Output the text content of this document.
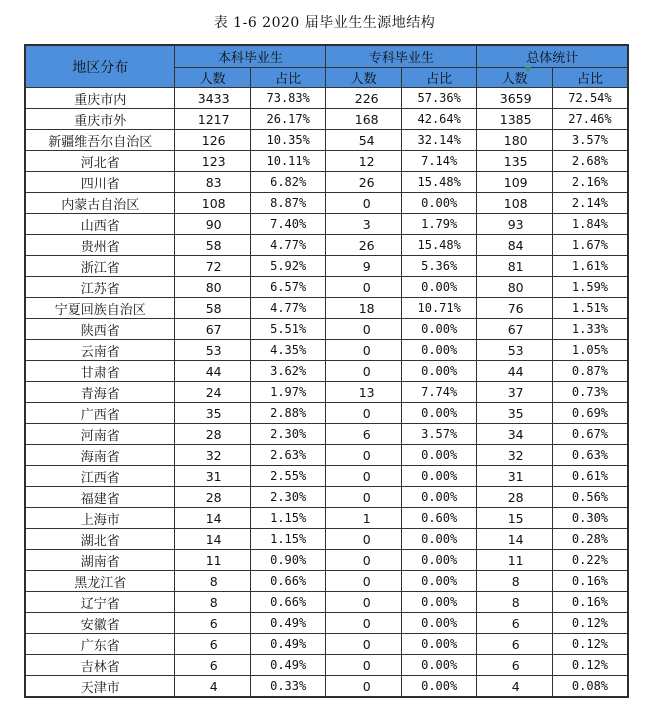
表 1-6 2020 届毕业生生源地结构
地区分布	本科毕业生		专科毕业生		总体统计	
	人数	占比	人数	占比	人数	占比
重庆市内	3433	73.83%	226	57.36%	3659	72.54%
重庆市外	1217	26.17%	168	42.64%	1385	27.46%
新疆维吾尔自治区	126	10.35%	54	32.14%	180	3.57%
河北省	123	10.11%	12	7.14%	135	2.68%
四川省	83	6.82%	26	15.48%	109	2.16%
内蒙古自治区	108	8.87%	0	0.00%	108	2.14%
山西省	90	7.40%	3	1.79%	93	1.84%
贵州省	58	4.77%	26	15.48%	84	1.67%
浙江省	72	5.92%	9	5.36%	81	1.61%
江苏省	80	6.57%	0	0.00%	80	1.59%
宁夏回族自治区	58	4.77%	18	10.71%	76	1.51%
陕西省	67	5.51%	0	0.00%	67	1.33%
云南省	53	4.35%	0	0.00%	53	1.05%
甘肃省	44	3.62%	0	0.00%	44	0.87%
青海省	24	1.97%	13	7.74%	37	0.73%
广西省	35	2.88%	0	0.00%	35	0.69%
河南省	28	2.30%	6	3.57%	34	0.67%
海南省	32	2.63%	0	0.00%	32	0.63%
江西省	31	2.55%	0	0.00%	31	0.61%
福建省	28	2.30%	0	0.00%	28	0.56%
上海市	14	1.15%	1	0.60%	15	0.30%
湖北省	14	1.15%	0	0.00%	14	0.28%
湖南省	11	0.90%	0	0.00%	11	0.22%
黑龙江省	8	0.66%	0	0.00%	8	0.16%
辽宁省	8	0.66%	0	0.00%	8	0.16%
安徽省	6	0.49%	0	0.00%	6	0.12%
广东省	6	0.49%	0	0.00%	6	0.12%
吉林省	6	0.49%	0	0.00%	6	0.12%
天津市	4	0.33%	0	0.00%	4	0.08%
